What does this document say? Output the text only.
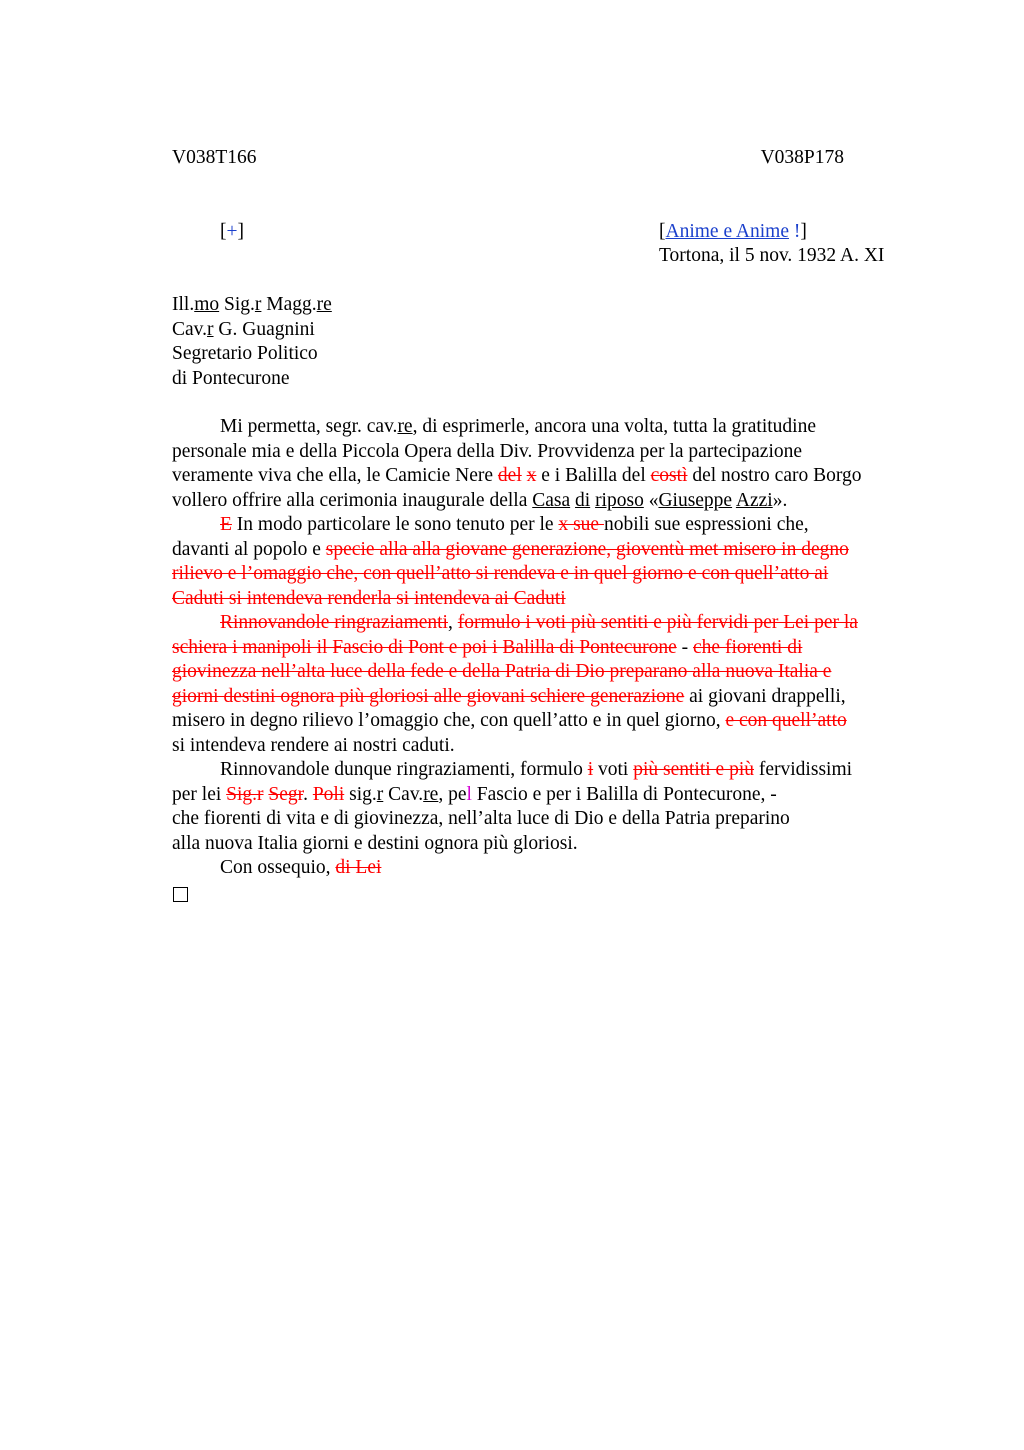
V038T166	V038P178
[+]	[Anime e Anime !]
Tortona, il 5 nov. 1932 A. XI
Ill.mo Sig.r Magg.re
Cav.r G. Guagnini
Segretario Politico
di Pontecurone

Mi permetta, segr. cav.re, di esprimerle, ancora una volta, tutta la gratitudine
personale mia e della Piccola Opera della Div. Provvidenza per la partecipazione
veramente viva che ella, le Camicie Nere del x e i Balilla del costì del nostro caro Borgo
vollero offrire alla cerimonia inaugurale della Casa di riposo «Giuseppe Azzi».

E In modo particolare le sono tenuto per le x sue nobili sue espressioni che,
davanti al popolo e specie alla alla giovane generazione, gioventù met misero in degno
rilievo e l’omaggio che, con quell’atto si rendeva e in quel giorno e con quell’atto ai
Caduti si intendeva renderla si intendeva ai Caduti

Rinnovandole ringraziamenti, formulo i voti più sentiti e più fervidi per Lei per la
schiera i manipoli il Fascio di Pont e poi i Balilla di Pontecurone - che fiorenti di
giovinezza nell’alta luce della fede e della Patria di Dio preparano alla nuova Italia e
giorni destini ognora più gloriosi alle giovani schiere generazione ai giovani drappelli,
misero in degno rilievo l’omaggio che, con quell’atto e in quel giorno, e con quell’atto
si intendeva rendere ai nostri caduti.

Rinnovandole dunque ringraziamenti, formulo i voti più sentiti e più fervidissimi
per lei Sig.r Segr. Poli sig.r Cav.re, pel Fascio e per i Balilla di Pontecurone, -
che fiorenti di vita e di giovinezza, nell’alta luce di Dio e della Patria preparino
alla nuova Italia giorni e destini ognora più gloriosi.

Con ossequio, di Lei
